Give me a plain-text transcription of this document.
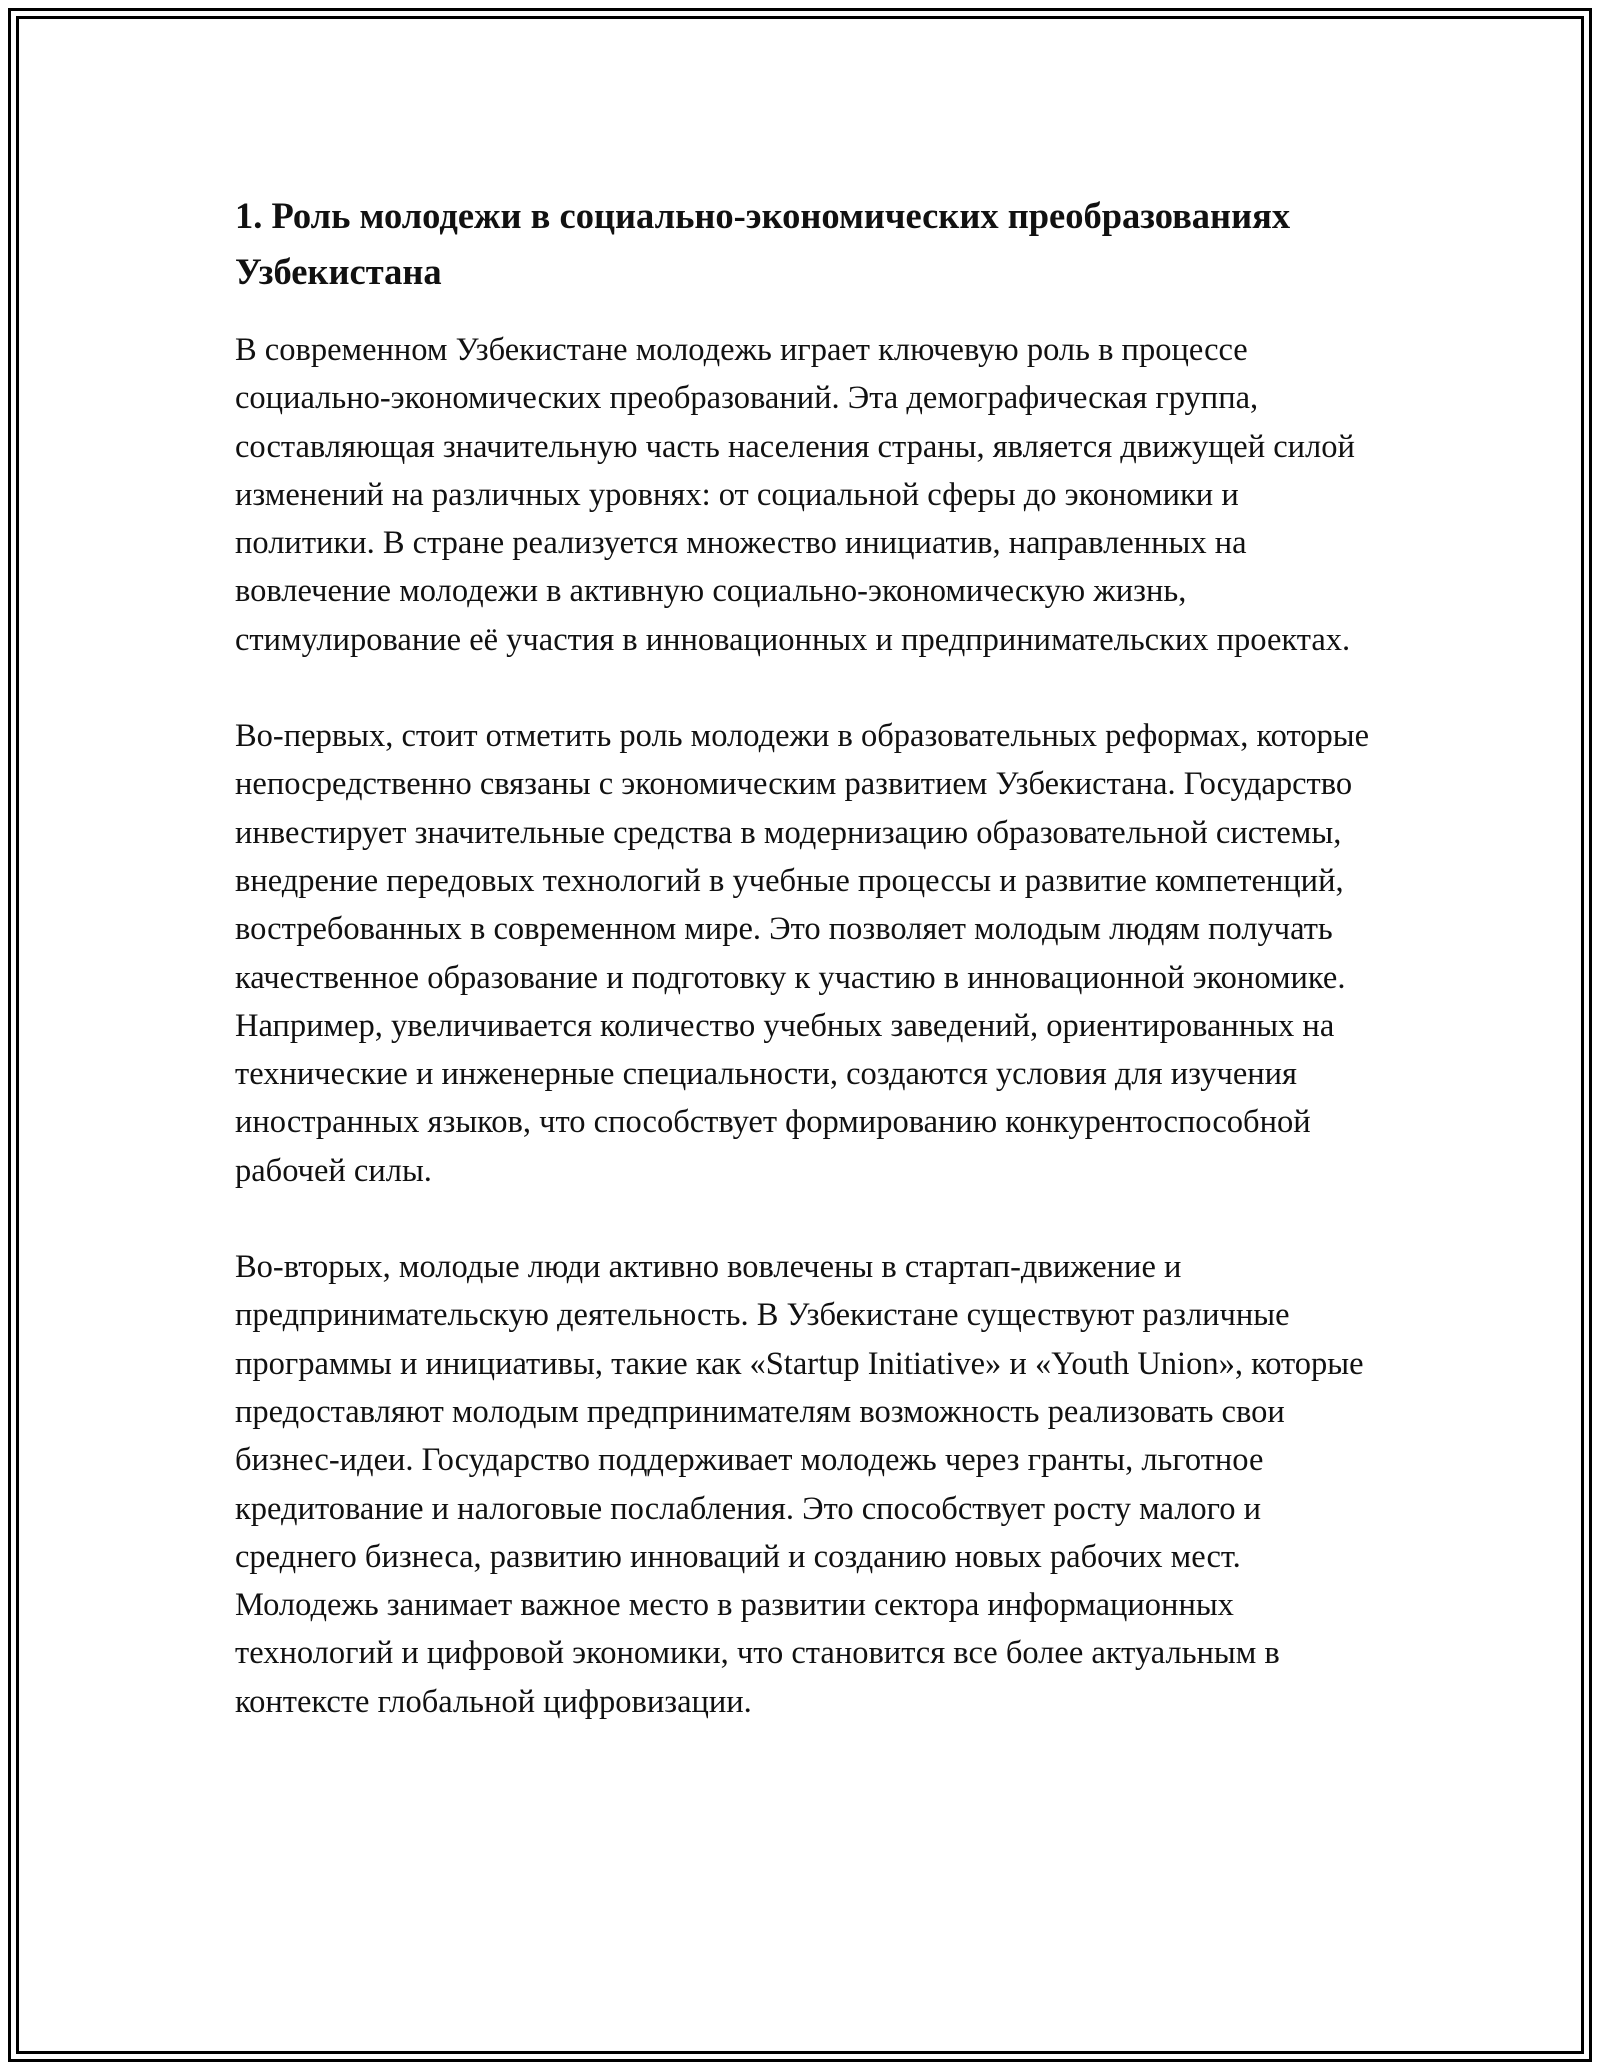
1. Роль молодежи в социально-экономических преобразованиях Узбекистана

В современном Узбекистане молодежь играет ключевую роль в процессе социально-экономических преобразований. Эта демографическая группа, составляющая значительную часть населения страны, является движущей силой изменений на различных уровнях: от социальной сферы до экономики и политики. В стране реализуется множество инициатив, направленных на вовлечение молодежи в активную социально-экономическую жизнь, стимулирование её участия в инновационных и предпринимательских проектах.

Во-первых, стоит отметить роль молодежи в образовательных реформах, которые непосредственно связаны с экономическим развитием Узбекистана. Государство инвестирует значительные средства в модернизацию образовательной системы, внедрение передовых технологий в учебные процессы и развитие компетенций, востребованных в современном мире. Это позволяет молодым людям получать качественное образование и подготовку к участию в инновационной экономике. Например, увеличивается количество учебных заведений, ориентированных на технические и инженерные специальности, создаются условия для изучения иностранных языков, что способствует формированию конкурентоспособной рабочей силы.

Во-вторых, молодые люди активно вовлечены в стартап-движение и предпринимательскую деятельность. В Узбекистане существуют различные программы и инициативы, такие как «Startup Initiative» и «Youth Union», которые предоставляют молодым предпринимателям возможность реализовать свои бизнес-идеи. Государство поддерживает молодежь через гранты, льготное кредитование и налоговые послабления. Это способствует росту малого и среднего бизнеса, развитию инноваций и созданию новых рабочих мест. Молодежь занимает важное место в развитии сектора информационных технологий и цифровой экономики, что становится все более актуальным в контексте глобальной цифровизации.
